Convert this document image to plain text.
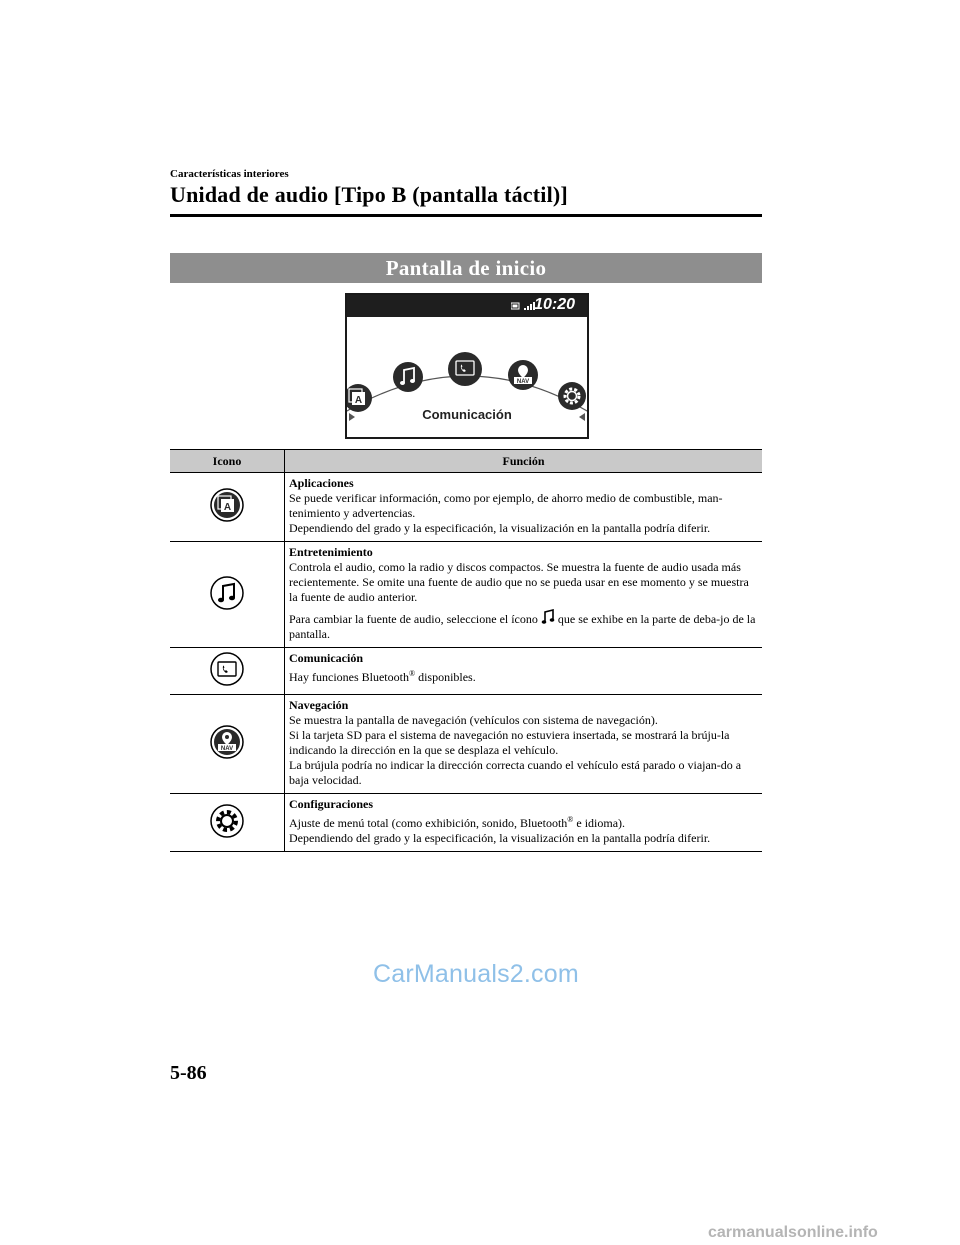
Características interiores
Unidad de audio [Tipo B (pantalla táctil)]
Pantalla de inicio
10:20
A
NAV
Comunicación
Icono	Función

A	Aplicaciones
Se puede verificar información, como por ejemplo, de ahorro medio de combustible, man-tenimiento y advertencias.
Dependiendo del grado y la especificación, la visualización en la pantalla podría diferir.

Entretenimiento
Controla el audio, como la radio y discos compactos. Se muestra la fuente de audio usada más recientemente. Se omite una fuente de audio que no se pueda usar en ese momento y se muestra la fuente de audio anterior.
Para cambiar la fuente de audio, seleccione el ícono que se exhibe en la parte de deba-jo de la pantalla.

Comunicación
Hay funciones Bluetooth® disponibles.

NAV	Navegación
Se muestra la pantalla de navegación (vehículos con sistema de navegación).
Si la tarjeta SD para el sistema de navegación no estuviera insertada, se mostrará la brúju-la indicando la dirección en la que se desplaza el vehículo.
La brújula podría no indicar la dirección correcta cuando el vehículo está parado o viajan-do a baja velocidad.

Configuraciones
Ajuste de menú total (como exhibición, sonido, Bluetooth® e idioma).
Dependiendo del grado y la especificación, la visualización en la pantalla podría diferir.
CarManuals2.com
5-86
carmanualsonline.info
